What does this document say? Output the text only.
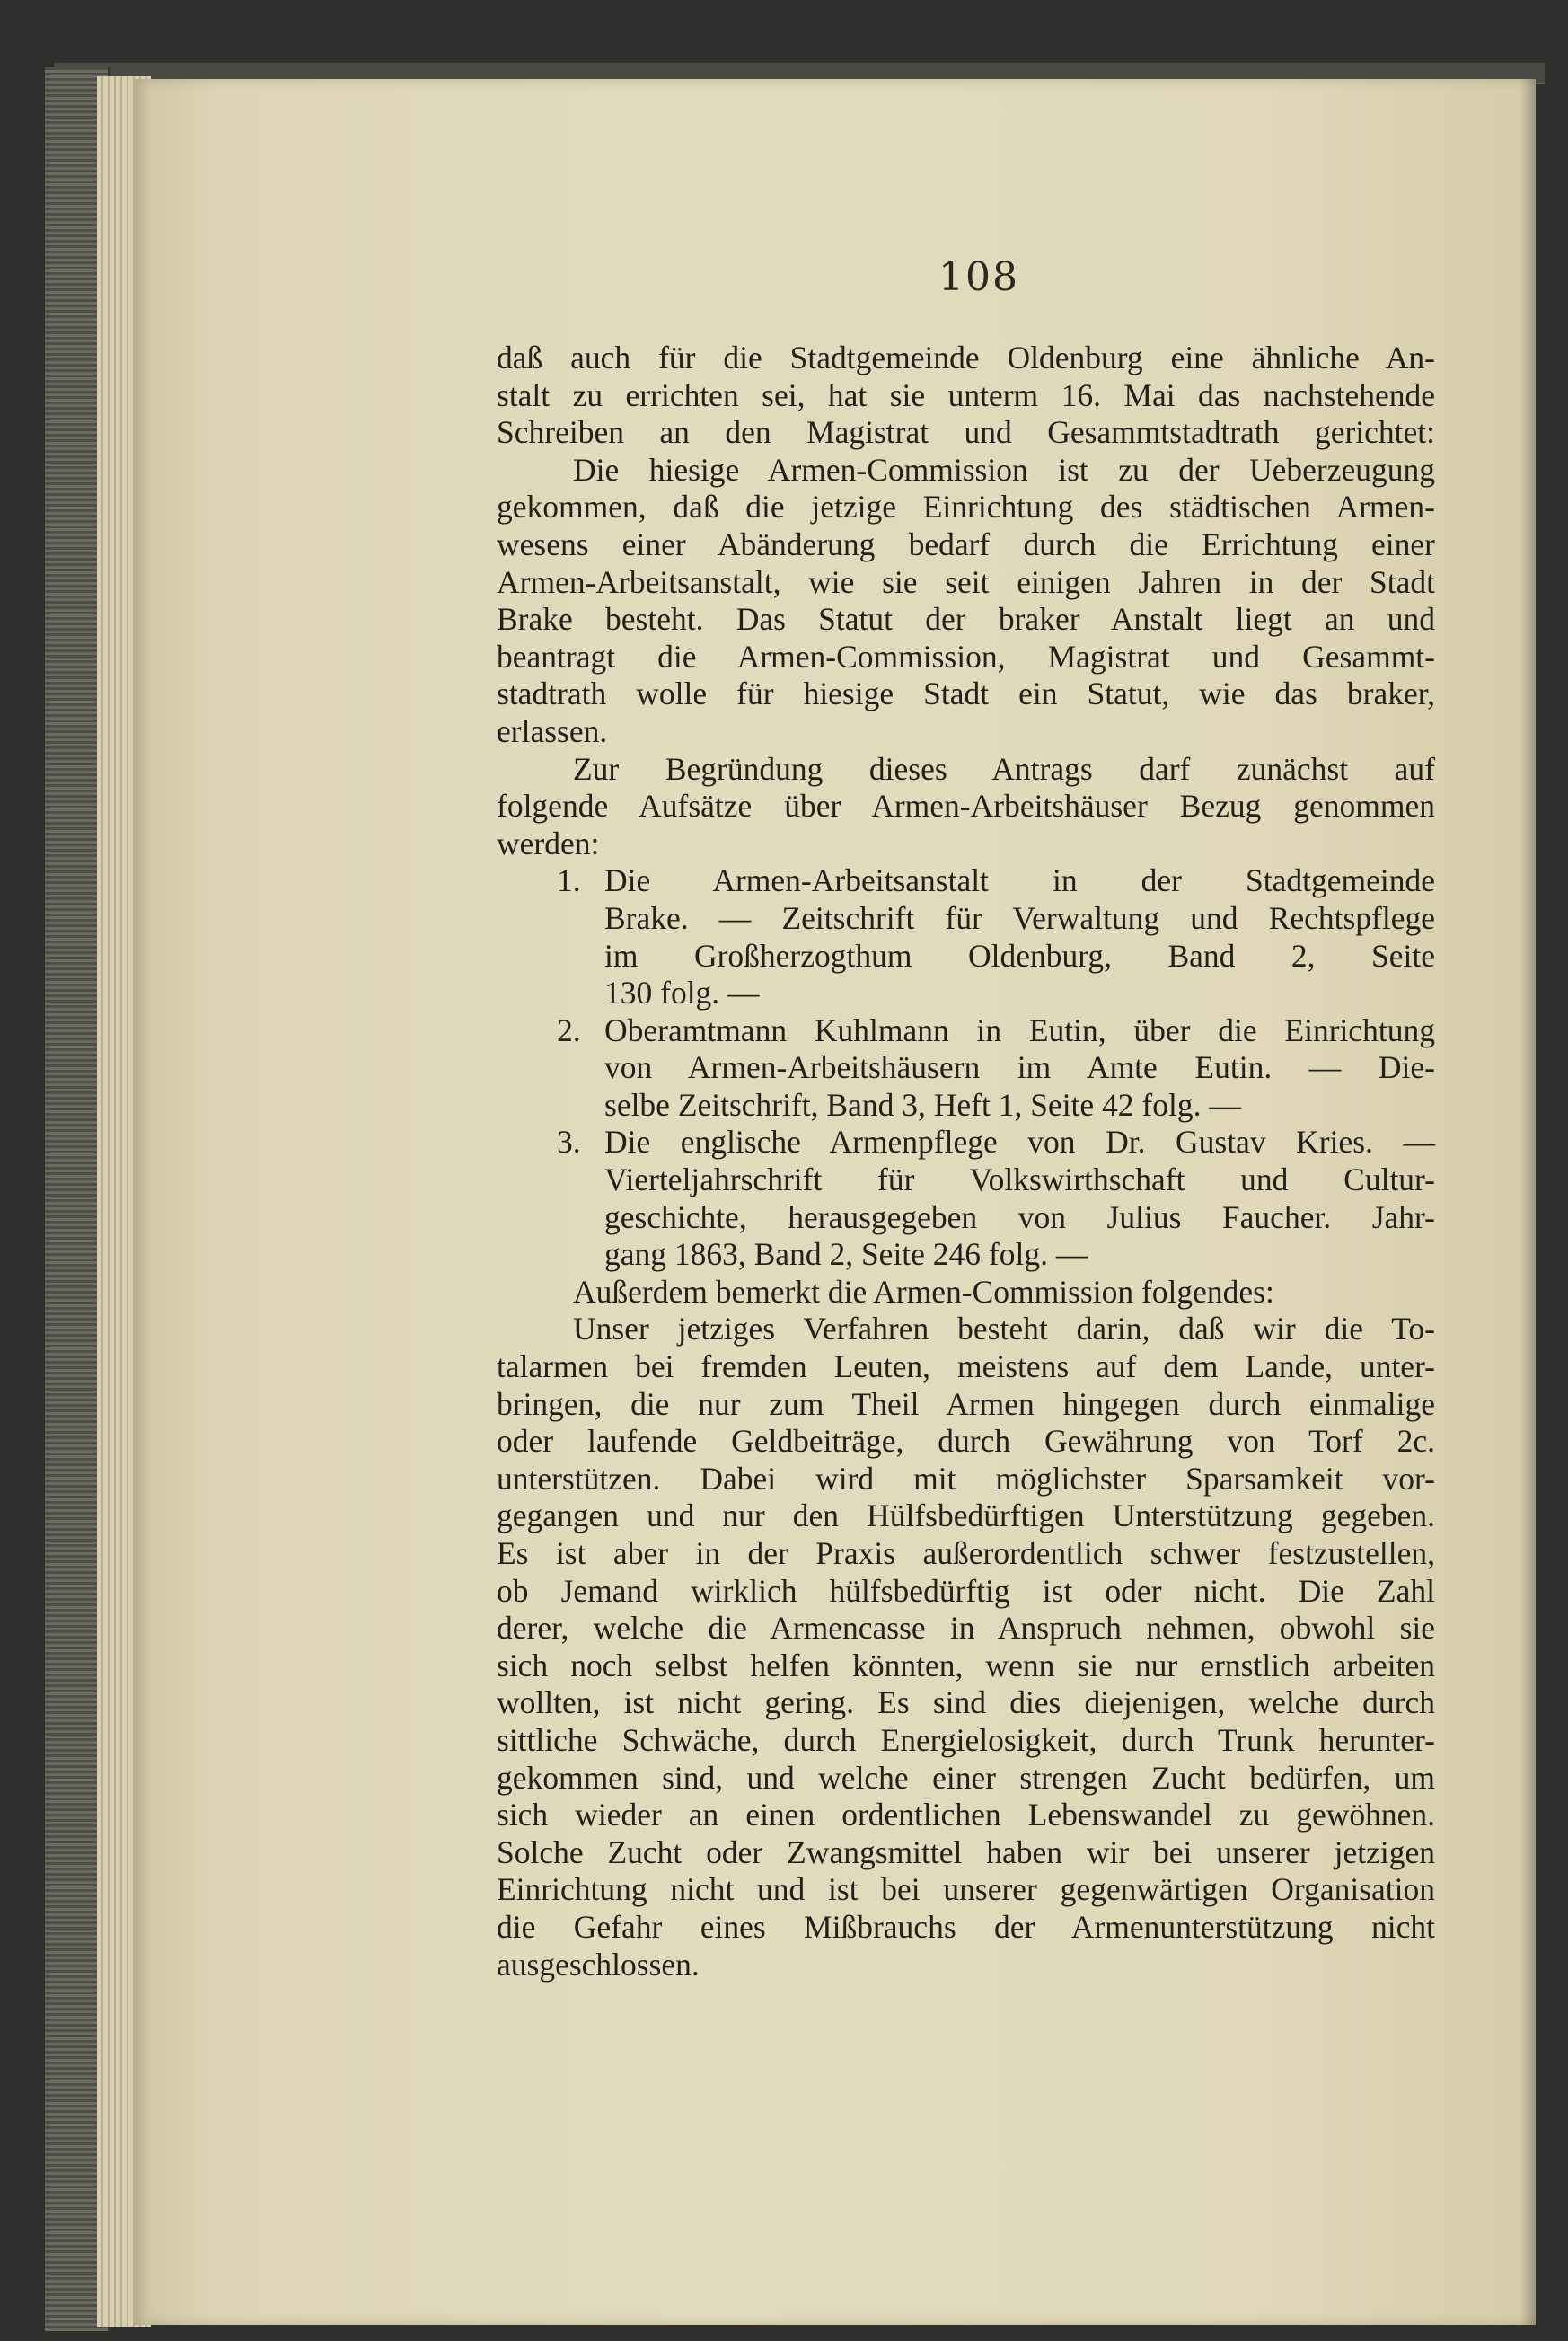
108
daß auch für die Stadtgemeinde Oldenburg eine ähnliche An-
stalt zu errichten sei, hat sie unterm 16. Mai das nachstehende
Schreiben an den Magistrat und Gesammtstadtrath gerichtet:
Die hiesige Armen-Commission ist zu der Ueberzeugung
gekommen, daß die jetzige Einrichtung des städtischen Armen-
wesens einer Abänderung bedarf durch die Errichtung einer
Armen-Arbeitsanstalt, wie sie seit einigen Jahren in der Stadt
Brake besteht. Das Statut der braker Anstalt liegt an und
beantragt die Armen-Commission, Magistrat und Gesammt-
stadtrath wolle für hiesige Stadt ein Statut, wie das braker,
erlassen.
Zur Begründung dieses Antrags darf zunächst auf
folgende Aufsätze über Armen-Arbeitshäuser Bezug genommen
werden:
1. Die Armen-Arbeitsanstalt in der Stadtgemeinde
Brake. — Zeitschrift für Verwaltung und Rechtspflege
im Großherzogthum Oldenburg, Band 2, Seite
130 folg. —
2. Oberamtmann Kuhlmann in Eutin, über die Einrichtung
von Armen-Arbeitshäusern im Amte Eutin. — Die-
selbe Zeitschrift, Band 3, Heft 1, Seite 42 folg. —
3. Die englische Armenpflege von Dr. Gustav Kries. —
Vierteljahrschrift für Volkswirthschaft und Cultur-
geschichte, herausgegeben von Julius Faucher. Jahr-
gang 1863, Band 2, Seite 246 folg. —
Außerdem bemerkt die Armen-Commission folgendes:
Unser jetziges Verfahren besteht darin, daß wir die To-
talarmen bei fremden Leuten, meistens auf dem Lande, unter-
bringen, die nur zum Theil Armen hingegen durch einmalige
oder laufende Geldbeiträge, durch Gewährung von Torf 2c.
unterstützen. Dabei wird mit möglichster Sparsamkeit vor-
gegangen und nur den Hülfsbedürftigen Unterstützung gegeben.
Es ist aber in der Praxis außerordentlich schwer festzustellen,
ob Jemand wirklich hülfsbedürftig ist oder nicht. Die Zahl
derer, welche die Armencasse in Anspruch nehmen, obwohl sie
sich noch selbst helfen könnten, wenn sie nur ernstlich arbeiten
wollten, ist nicht gering. Es sind dies diejenigen, welche durch
sittliche Schwäche, durch Energielosigkeit, durch Trunk herunter-
gekommen sind, und welche einer strengen Zucht bedürfen, um
sich wieder an einen ordentlichen Lebenswandel zu gewöhnen.
Solche Zucht oder Zwangsmittel haben wir bei unserer jetzigen
Einrichtung nicht und ist bei unserer gegenwärtigen Organisation
die Gefahr eines Mißbrauchs der Armenunterstützung nicht
ausgeschlossen.
